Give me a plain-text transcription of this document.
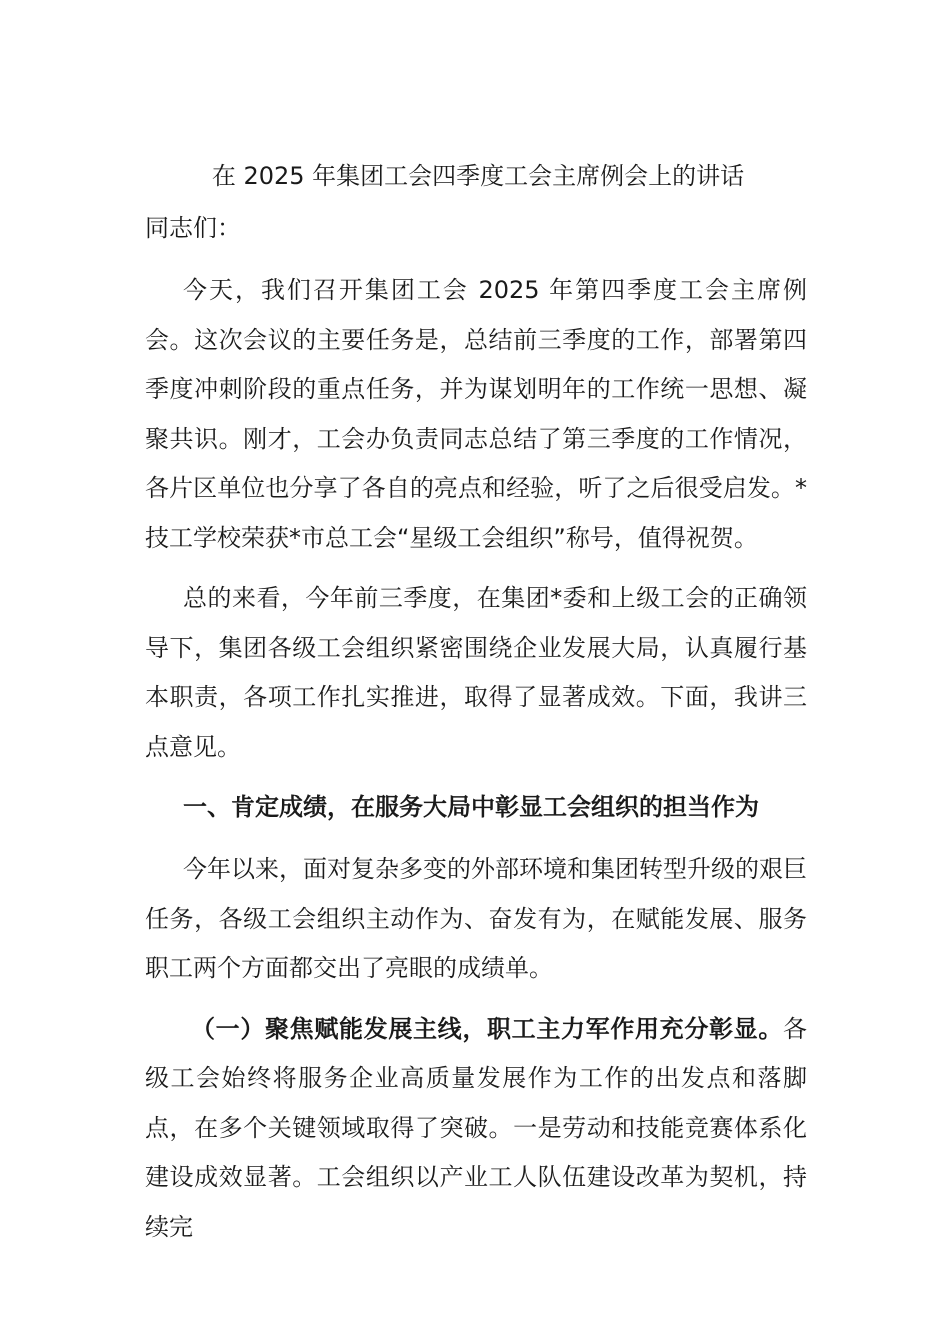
在 2025 年集团工会四季度工会主席例会上的讲话

同志们：

今天，我们召开集团工会 2025 年第四季度工会主席例会。这次会议的主要任务是，总结前三季度的工作，部署第四季度冲刺阶段的重点任务，并为谋划明年的工作统一思想、凝聚共识。刚才，工会办负责同志总结了第三季度的工作情况，各片区单位也分享了各自的亮点和经验，听了之后很受启发。*技工学校荣获*市总工会“星级工会组织”称号，值得祝贺。

总的来看，今年前三季度，在集团*委和上级工会的正确领导下，集团各级工会组织紧密围绕企业发展大局，认真履行基本职责，各项工作扎实推进，取得了显著成效。下面，我讲三点意见。

一、肯定成绩，在服务大局中彰显工会组织的担当作为

今年以来，面对复杂多变的外部环境和集团转型升级的艰巨任务，各级工会组织主动作为、奋发有为，在赋能发展、服务职工两个方面都交出了亮眼的成绩单。

（一）聚焦赋能发展主线，职工主力军作用充分彰显。各级工会始终将服务企业高质量发展作为工作的出发点和落脚点，在多个关键领域取得了突破。一是劳动和技能竞赛体系化建设成效显著。工会组织以产业工人队伍建设改革为契机，持续完
